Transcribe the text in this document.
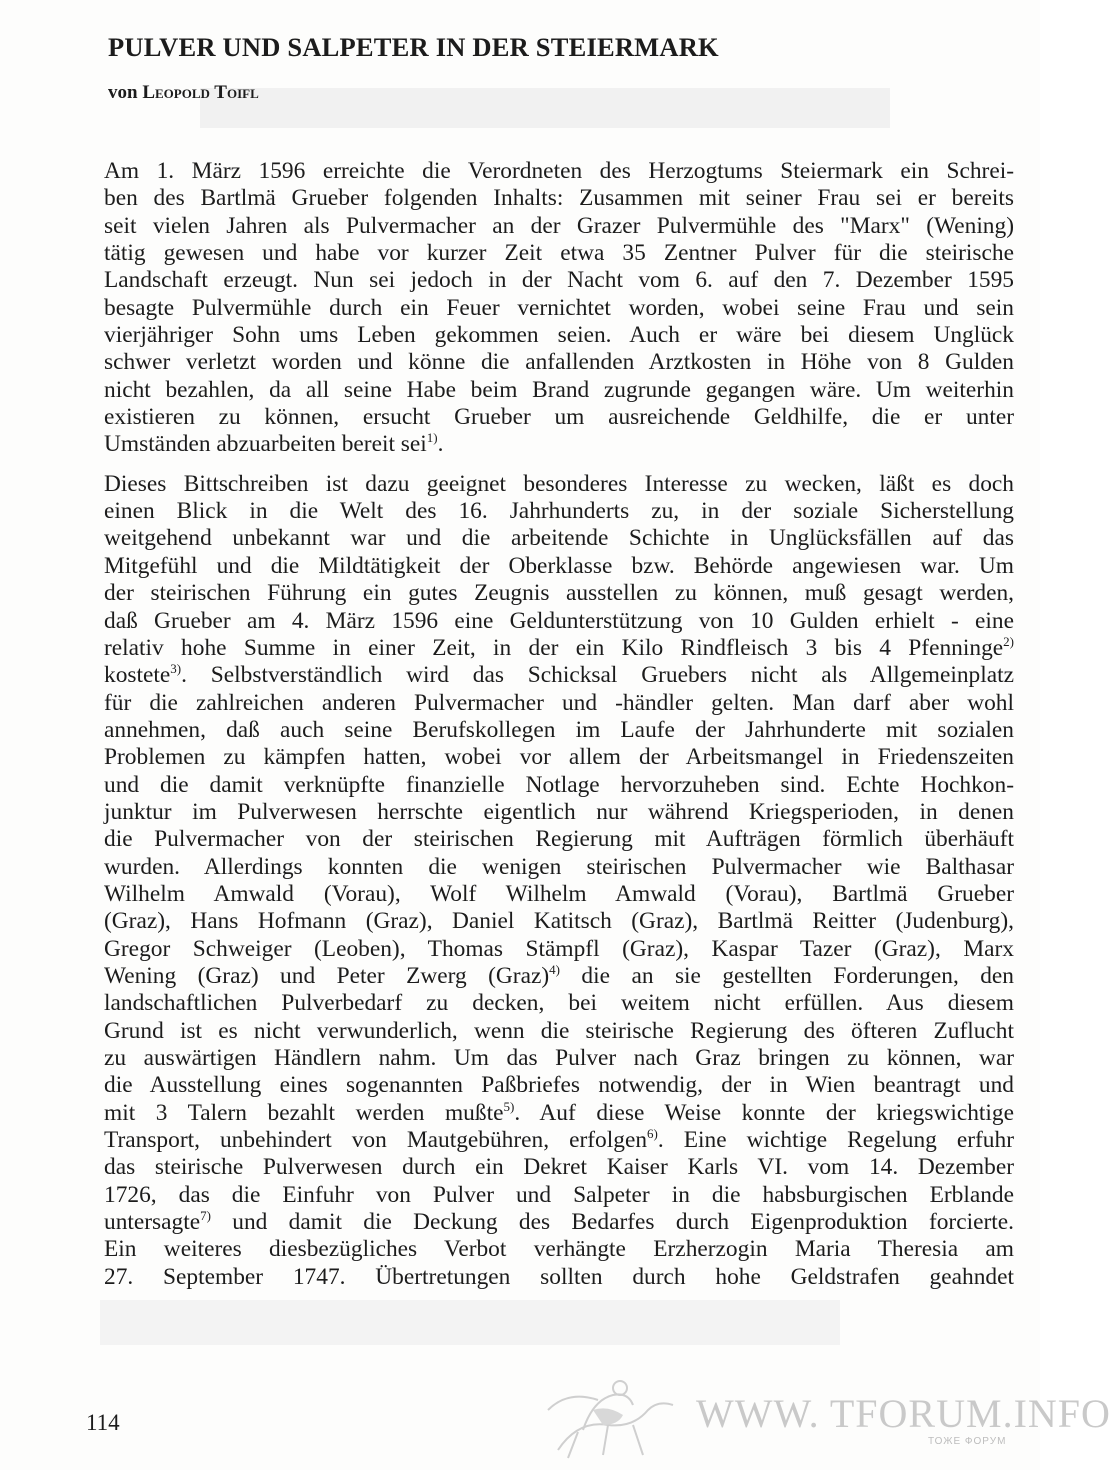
PULVER UND SALPETER IN DER STEIERMARK

von Leopold Toifl

Am 1. März 1596 erreichte die Verordneten des Herzogtums Steiermark ein Schrei-
ben des Bartlmä Grueber folgenden Inhalts: Zusammen mit seiner Frau sei er bereits
seit vielen Jahren als Pulvermacher an der Grazer Pulvermühle des "Marx" (Wening)
tätig gewesen und habe vor kurzer Zeit etwa 35 Zentner Pulver für die steirische
Landschaft erzeugt. Nun sei jedoch in der Nacht vom 6. auf den 7. Dezember 1595
besagte Pulvermühle durch ein Feuer vernichtet worden, wobei seine Frau und sein
vierjähriger Sohn ums Leben gekommen seien. Auch er wäre bei diesem Unglück
schwer verletzt worden und könne die anfallenden Arztkosten in Höhe von 8 Gulden
nicht bezahlen, da all seine Habe beim Brand zugrunde gegangen wäre. Um weiterhin
existieren zu können, ersucht Grueber um ausreichende Geldhilfe, die er unter
Umständen abzuarbeiten bereit sei$^{1)}$.

Dieses Bittschreiben ist dazu geeignet besonderes Interesse zu wecken, läßt es doch
einen Blick in die Welt des 16. Jahrhunderts zu, in der soziale Sicherstellung
weitgehend unbekannt war und die arbeitende Schichte in Unglücksfällen auf das
Mitgefühl und die Mildtätigkeit der Oberklasse bzw. Behörde angewiesen war. Um
der steirischen Führung ein gutes Zeugnis ausstellen zu können, muß gesagt werden,
daß Grueber am 4. März 1596 eine Geldunterstützung von 10 Gulden erhielt - eine
relativ hohe Summe in einer Zeit, in der ein Kilo Rindfleisch 3 bis 4 Pfenninge$^{2)}$
kostete$^{3)}$. Selbstverständlich wird das Schicksal Gruebers nicht als Allgemeinplatz
für die zahlreichen anderen Pulvermacher und -händler gelten. Man darf aber wohl
annehmen, daß auch seine Berufskollegen im Laufe der Jahrhunderte mit sozialen
Problemen zu kämpfen hatten, wobei vor allem der Arbeitsmangel in Friedenszeiten
und die damit verknüpfte finanzielle Notlage hervorzuheben sind. Echte Hochkon-
junktur im Pulverwesen herrschte eigentlich nur während Kriegsperioden, in denen
die Pulvermacher von der steirischen Regierung mit Aufträgen förmlich überhäuft
wurden. Allerdings konnten die wenigen steirischen Pulvermacher wie Balthasar
Wilhelm Amwald (Vorau), Wolf Wilhelm Amwald (Vorau), Bartlmä Grueber
(Graz), Hans Hofmann (Graz), Daniel Katitsch (Graz), Bartlmä Reitter (Judenburg),
Gregor Schweiger (Leoben), Thomas Stämpfl (Graz), Kaspar Tazer (Graz), Marx
Wening (Graz) und Peter Zwerg (Graz)$^{4)}$ die an sie gestellten Forderungen, den
landschaftlichen Pulverbedarf zu decken, bei weitem nicht erfüllen. Aus diesem
Grund ist es nicht verwunderlich, wenn die steirische Regierung des öfteren Zuflucht
zu auswärtigen Händlern nahm. Um das Pulver nach Graz bringen zu können, war
die Ausstellung eines sogenannten Paßbriefes notwendig, der in Wien beantragt und
mit 3 Talern bezahlt werden mußte$^{5)}$. Auf diese Weise konnte der kriegswichtige
Transport, unbehindert von Mautgebühren, erfolgen$^{6)}$. Eine wichtige Regelung erfuhr
das steirische Pulverwesen durch ein Dekret Kaiser Karls VI. vom 14. Dezember
1726, das die Einfuhr von Pulver und Salpeter in die habsburgischen Erblande
untersagte$^{7)}$ und damit die Deckung des Bedarfes durch Eigenproduktion forcierte.
Ein weiteres diesbezügliches Verbot verhängte Erzherzogin Maria Theresia am
27. September 1747. Übertretungen sollten durch hohe Geldstrafen geahndet

114	WWW. TFORUM.INFO
ТОЖЕ ФОРУМ
